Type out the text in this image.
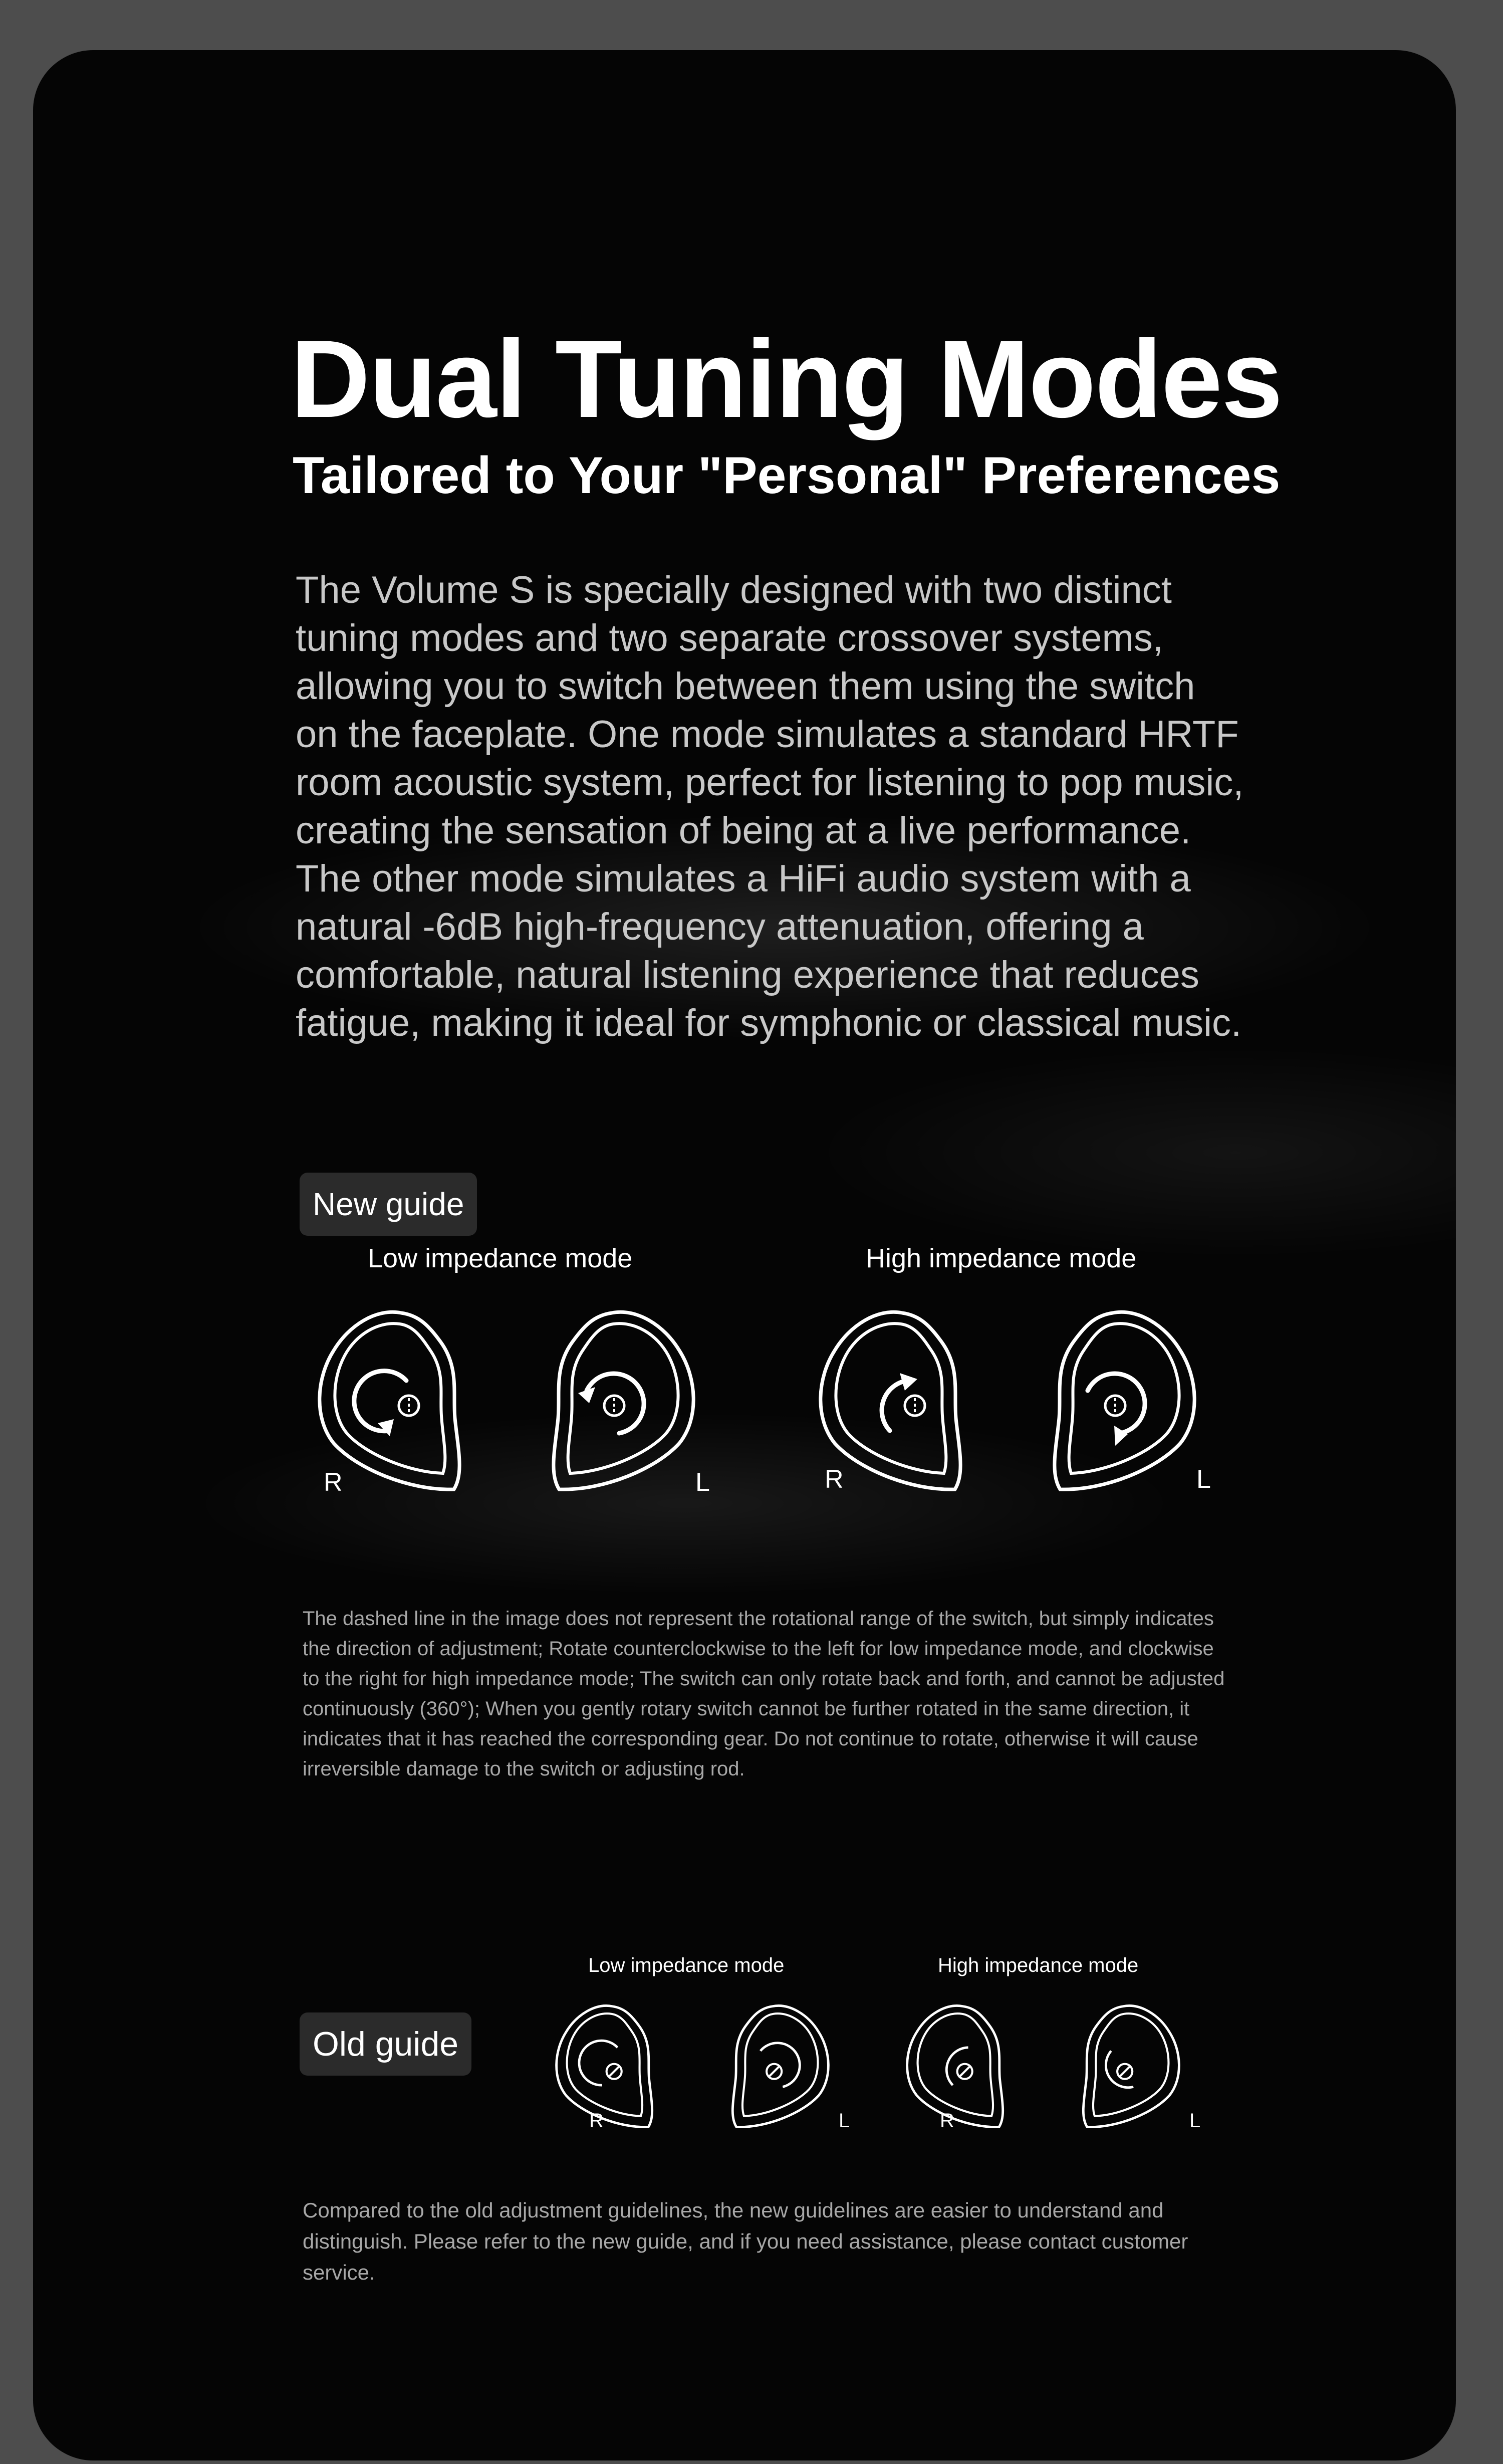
Dual Tuning Modes
Tailored to Your "Personal" Preferences

The Volume S is specially designed with two distinct tuning modes and two separate crossover systems, allowing you to switch between them using the switch on the faceplate. One mode simulates a standard HRTF room acoustic system, perfect for listening to pop music, creating the sensation of being at a live performance. The other mode simulates a HiFi audio system with a natural -6dB high-frequency attenuation, offering a comfortable, natural listening experience that reduces fatigue, making it ideal for symphonic or classical music.

New guide
Low impedance mode	High impedance mode
R	L	R	L

The dashed line in the image does not represent the rotational range of the switch, but simply indicates the direction of adjustment; Rotate counterclockwise to the left for low impedance mode, and clockwise to the right for high impedance mode; The switch can only rotate back and forth, and cannot be adjusted continuously (360°); When you gently rotary switch cannot be further rotated in the same direction, it indicates that it has reached the corresponding gear. Do not continue to rotate, otherwise it will cause irreversible damage to the switch or adjusting rod.

Old guide
Low impedance mode	High impedance mode
R	L	R	L

Compared to the old adjustment guidelines, the new guidelines are easier to understand and distinguish. Please refer to the new guide, and if you need assistance, please contact customer service.
